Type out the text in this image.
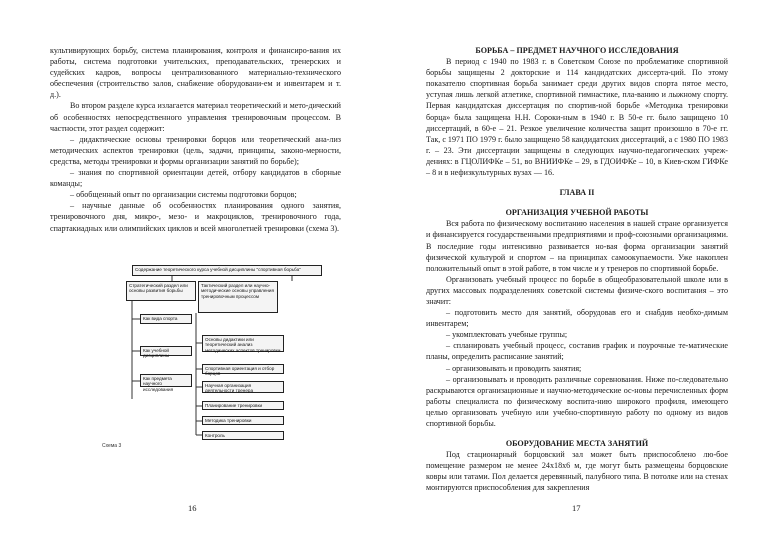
культивирующих борьбу, система планирования, контроля и финансиро-вания их работы, система подготовки учительских, преподавательских, тренерских и судейских кадров, вопросы централизованного материально-технического обеспечения (строительство залов, снабжение оборудовани-ем и инвентарем и т. д.).

Во втором разделе курса излагается материал теоретический и мето-дический об особенностях непосредственного управления тренировочным процессом. В частности, этот раздел содержит:

– дидактические основы тренировки борцов или теоретический ана-лиз методических аспектов тренировки (цель, задачи, принципы, законо-мерности, средства, методы тренировки и формы организации занятий по борьбе);

– знания по спортивной ориентации детей, отбору кандидатов в сборные команды;

– обобщенный опыт по организации системы подготовки борцов;

– научные данные об особенностях планирования одного занятия, тренировочного дня, микро-, мезо- и макроциклов, тренировочного года, спартакиадных или олимпийских циклов и всей многолетней тренировки (схема 3).

16
Содержание теоретического курса учебной дисциплины "спортивная борьба"
Стратегический раздел или основы развития борьбы
Как вида спорта
Как учебной дисциплины
Как предмета научного исследования
Тактический раздел или научно-методические основы управления тренировочным процессом
Основы дидактики или теоретический анализ методических аспектов тренировки
Спортивная ориентация и отбор борцов
Научная организация деятельности тренера
Планирование тренировки
Методика тренировки
Контроль
Схема 3

БОРЬБА – ПРЕДМЕТ НАУЧНОГО ИССЛЕДОВАНИЯ

В период с 1940 по 1983 г. в Советском Союзе по проблематике спортивной борьбы защищены 2 докторские и 114 кандидатских диссерта-ций. По этому показателю спортивная борьба занимает среди других видов спорта пятое место, уступая лишь легкой атлетике, спортивной гимнастике, пла-ванию и лыжному спорту. Первая кандидатская диссертация по спортив-ной борьбе «Методика тренировки борца» была защищена Н.Н. Сорoки-ным в 1940 г. В 50-е гг. было защищено 10 диссертаций, в 60-е – 21. Резкое увеличение количества защит произошло в 70-е гг. Так, с 1971 ПО 1979 г. было защищено 58 кандидатских диссертаций, а с 1980 ПО 1983 г. – 23. Эти диссертации защищены в следующих научно-педагогических учреж-дениях: в ГЦОЛИФКе – 51, во ВНИИФКе – 29, в ГДОИФКе – 10, в Киев-ском ГИФКе – 8 и в нефизкультурных вузах — 16.

ГЛАВА II

ОРГАНИЗАЦИЯ УЧЕБНОЙ РАБОТЫ

Вся работа по физическому воспитанию населения в нашей стране организуется и финансируется государственными предприятиями и проф-союзными организациями. В последние годы интенсивно развивается но-вая форма организации занятий физической культурой и спортом – на принципах самоокупаемости. Уже накоплен положительный опыт в этой работе, в том числе и у тренеров по спортивной борьбе.

Организовать учебный процесс по борьбе в общеобразовательной школе или в других массовых подразделениях советской системы физиче-ского воспитания – это значит:

– подготовить место для занятий, оборудовав его и снабдив необхо-димым инвентарем;

– укомплектовать учебные группы;

– спланировать учебный процесс, составив график и поурочные те-матические планы, определить расписание занятий;

– организовывать и проводить занятия;

– организовывать и проводить различные соревнования. Ниже по-следовательно раскрываются организационные и научно-методические ос-новы перечисленных форм работы специалиста по физическому воспита-нию широкого профиля, имеющего целью организовать учебную или учебно-спортивную работу по одному из видов спортивной борьбы.

ОБОРУДОВАНИЕ МЕСТА ЗАНЯТИЙ

Под стационарный борцовский зал может быть приспособлено лю-бое помещение размером не менее 24х18х6 м, где могут быть размещены борцовские ковры или татами. Пол делается деревянный, палубного типа. В потолке или на стенах монтируются приспособления для закрепления

17
